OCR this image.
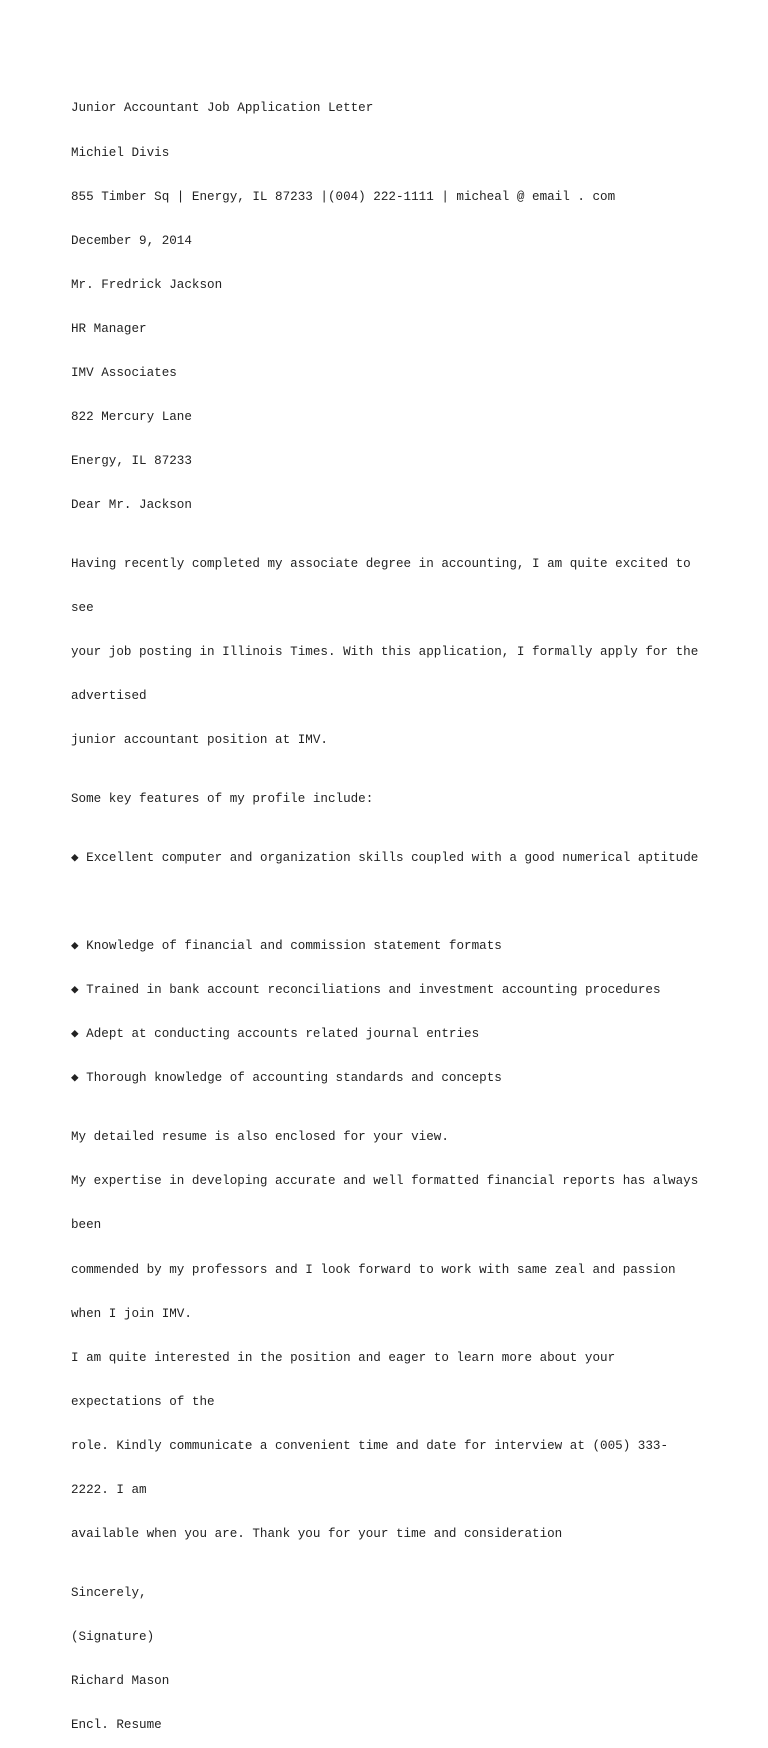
Junior Accountant Job Application Letter

Michiel Divis

855 Timber Sq | Energy, IL 87233 |(004) 222-1111 | micheal @ email . com

December 9, 2014

Mr. Fredrick Jackson

HR Manager

IMV Associates

822 Mercury Lane

Energy, IL 87233

Dear Mr. Jackson

Having recently completed my associate degree in accounting, I am quite excited to

see

your job posting in Illinois Times. With this application, I formally apply for the

advertised

junior accountant position at IMV.

Some key features of my profile include:

◆ Excellent computer and organization skills coupled with a good numerical aptitude

◆ Knowledge of financial and commission statement formats

◆ Trained in bank account reconciliations and investment accounting procedures

◆ Adept at conducting accounts related journal entries

◆ Thorough knowledge of accounting standards and concepts

My detailed resume is also enclosed for your view.

My expertise in developing accurate and well formatted financial reports has always

been

commended by my professors and I look forward to work with same zeal and passion

when I join IMV.

I am quite interested in the position and eager to learn more about your

expectations of the

role. Kindly communicate a convenient time and date for interview at (005) 333-

2222. I am

available when you are. Thank you for your time and consideration

Sincerely,

(Signature)

Richard Mason

Encl. Resume
